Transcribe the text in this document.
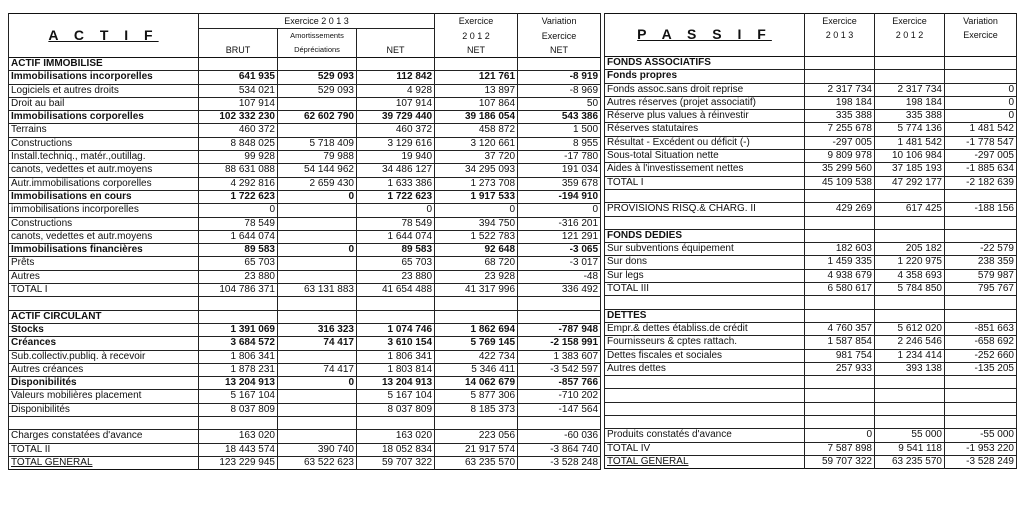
A C T I F	Exercice 2 0 1 3			Exercice	Variation
		Amortissements		2 0 1 2	Exercice
	BRUT	Dépréciations	NET	NET	NET
ACTIF IMMOBILISE					
Immobilisations incorporelles	641 935	529 093	112 842	121 761	-8 919
Logiciels et autres droits	534 021	529 093	4 928	13 897	-8 969
Droit au bail	107 914		107 914	107 864	50
Immobilisations corporelles	102 332 230	62 602 790	39 729 440	39 186 054	543 386
Terrains	460 372		460 372	458 872	1 500
Constructions	8 848 025	5 718 409	3 129 616	3 120 661	8 955
Install.techniq., matér.,outillag.	99 928	79 988	19 940	37 720	-17 780
canots, vedettes et autr.moyens	88 631 088	54 144 962	34 486 127	34 295 093	191 034
Autr.immobilisations corporelles	4 292 816	2 659 430	1 633 386	1 273 708	359 678
Immobilisations en cours	1 722 623	0	1 722 623	1 917 533	-194 910
immobilisations incorporelles	0		0	0	0
Constructions	78 549		78 549	394 750	-316 201
canots, vedettes et autr.moyens	1 644 074		1 644 074	1 522 783	121 291
Immobilisations financières	89 583	0	89 583	92 648	-3 065
Prêts	65 703		65 703	68 720	-3 017
Autres	23 880		23 880	23 928	-48
TOTAL I	104 786 371	63 131 883	41 654 488	41 317 996	336 492

ACTIF CIRCULANT					
Stocks	1 391 069	316 323	1 074 746	1 862 694	-787 948
Créances	3 684 572	74 417	3 610 154	5 769 145	-2 158 991
Sub.collectiv.publiq. à recevoir	1 806 341		1 806 341	422 734	1 383 607
Autres créances	1 878 231	74 417	1 803 814	5 346 411	-3 542 597
Disponibilités	13 204 913	0	13 204 913	14 062 679	-857 766
Valeurs mobilières placement	5 167 104		5 167 104	5 877 306	-710 202
Disponibilités	8 037 809		8 037 809	8 185 373	-147 564

Charges constatées d'avance	163 020		163 020	223 056	-60 036
TOTAL II	18 443 574	390 740	18 052 834	21 917 574	-3 864 740
TOTAL GENERAL	123 229 945	63 522 623	59 707 322	63 235 570	-3 528 248
P A S S I F	Exercice	Exercice	Variation
	2 0 1 3	2 0 1 2	Exercice

FONDS ASSOCIATIFS			
Fonds propres			
Fonds assoc.sans droit reprise	2 317 734	2 317 734	0
Autres réserves (projet associatif)	198 184	198 184	0
Réserve plus values à réinvestir	335 388	335 388	0
Réserves statutaires	7 255 678	5 774 136	1 481 542
Résultat - Excédent ou déficit (-)	-297 005	1 481 542	-1 778 547
Sous-total Situation nette	9 809 978	10 106 984	-297 005
Aides à l'investissement nettes	35 299 560	37 185 193	-1 885 634
TOTAL I	45 109 538	47 292 177	-2 182 639

PROVISIONS RISQ.& CHARG. II	429 269	617 425	-188 156

FONDS DEDIES			
Sur subventions équipement	182 603	205 182	-22 579
Sur dons	1 459 335	1 220 975	238 359
Sur legs	4 938 679	4 358 693	579 987
TOTAL III	6 580 617	5 784 850	795 767

DETTES			
Empr.& dettes établiss.de crédit	4 760 357	5 612 020	-851 663
Fournisseurs & cptes rattach.	1 587 854	2 246 546	-658 692
Dettes fiscales et sociales	981 754	1 234 414	-252 660
Autres dettes	257 933	393 138	-135 205

Produits constatés d'avance	0	55 000	-55 000
TOTAL IV	7 587 898	9 541 118	-1 953 220
TOTAL GENERAL	59 707 322	63 235 570	-3 528 249
